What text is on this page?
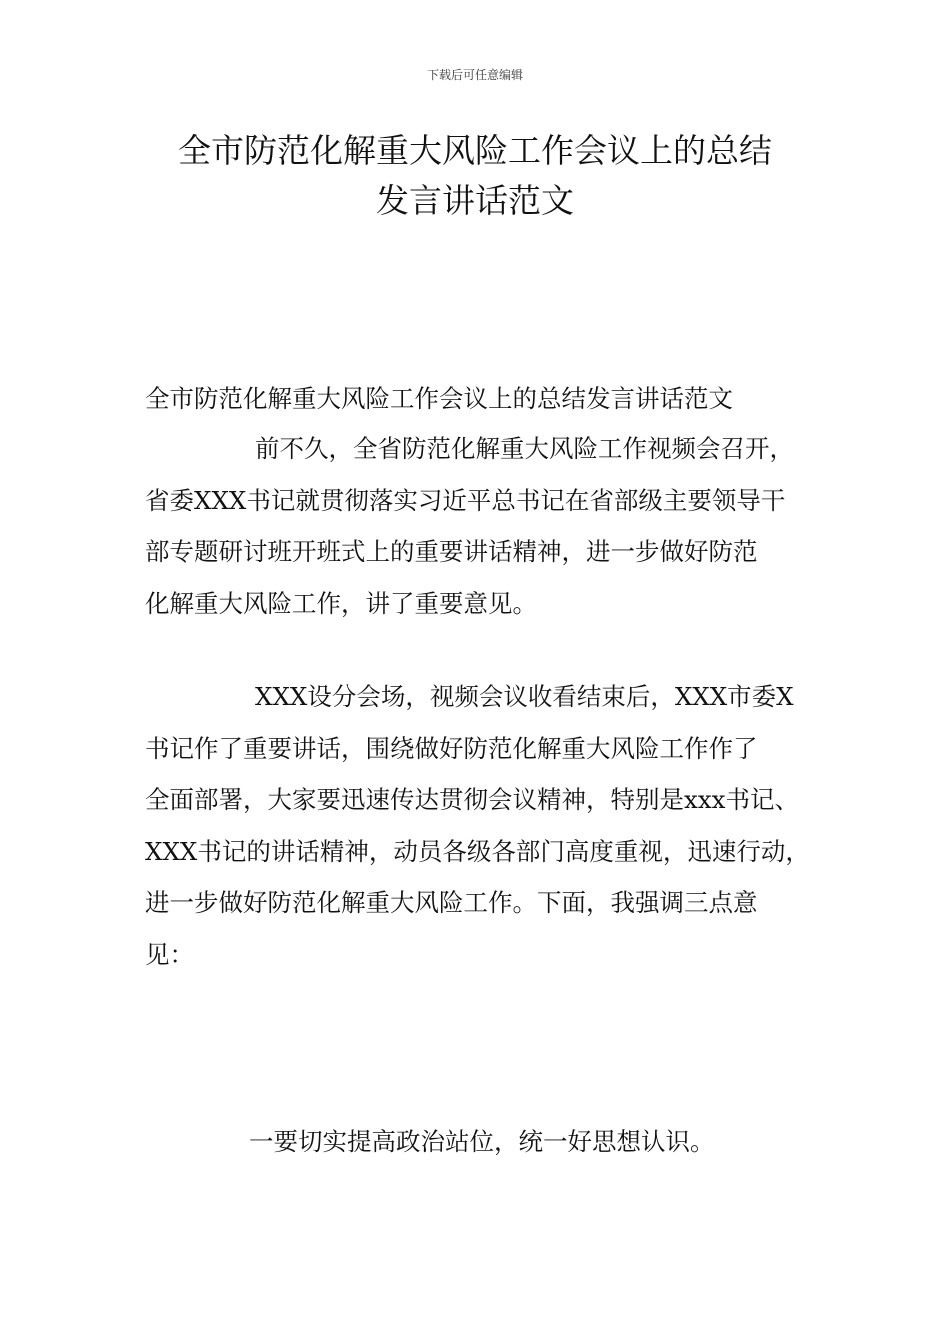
下载后可任意编辑
全市防范化解重大风险工作会议上的总结
发言讲话范文
全市防范化解重大风险工作会议上的总结发言讲话范文
前不久，全省防范化解重大风险工作视频会召开，
省委XXX书记就贯彻落实习近平总书记在省部级主要领导干
部专题研讨班开班式上的重要讲话精神，进一步做好防范
化解重大风险工作，讲了重要意见。
XXX设分会场，视频会议收看结束后，XXX市委X
书记作了重要讲话，围绕做好防范化解重大风险工作作了
全面部署，大家要迅速传达贯彻会议精神，特别是xxx书记、
XXX书记的讲话精神，动员各级各部门高度重视，迅速行动，
进一步做好防范化解重大风险工作。下面，我强调三点意
见：
一要切实提高政治站位，统一好思想认识。
